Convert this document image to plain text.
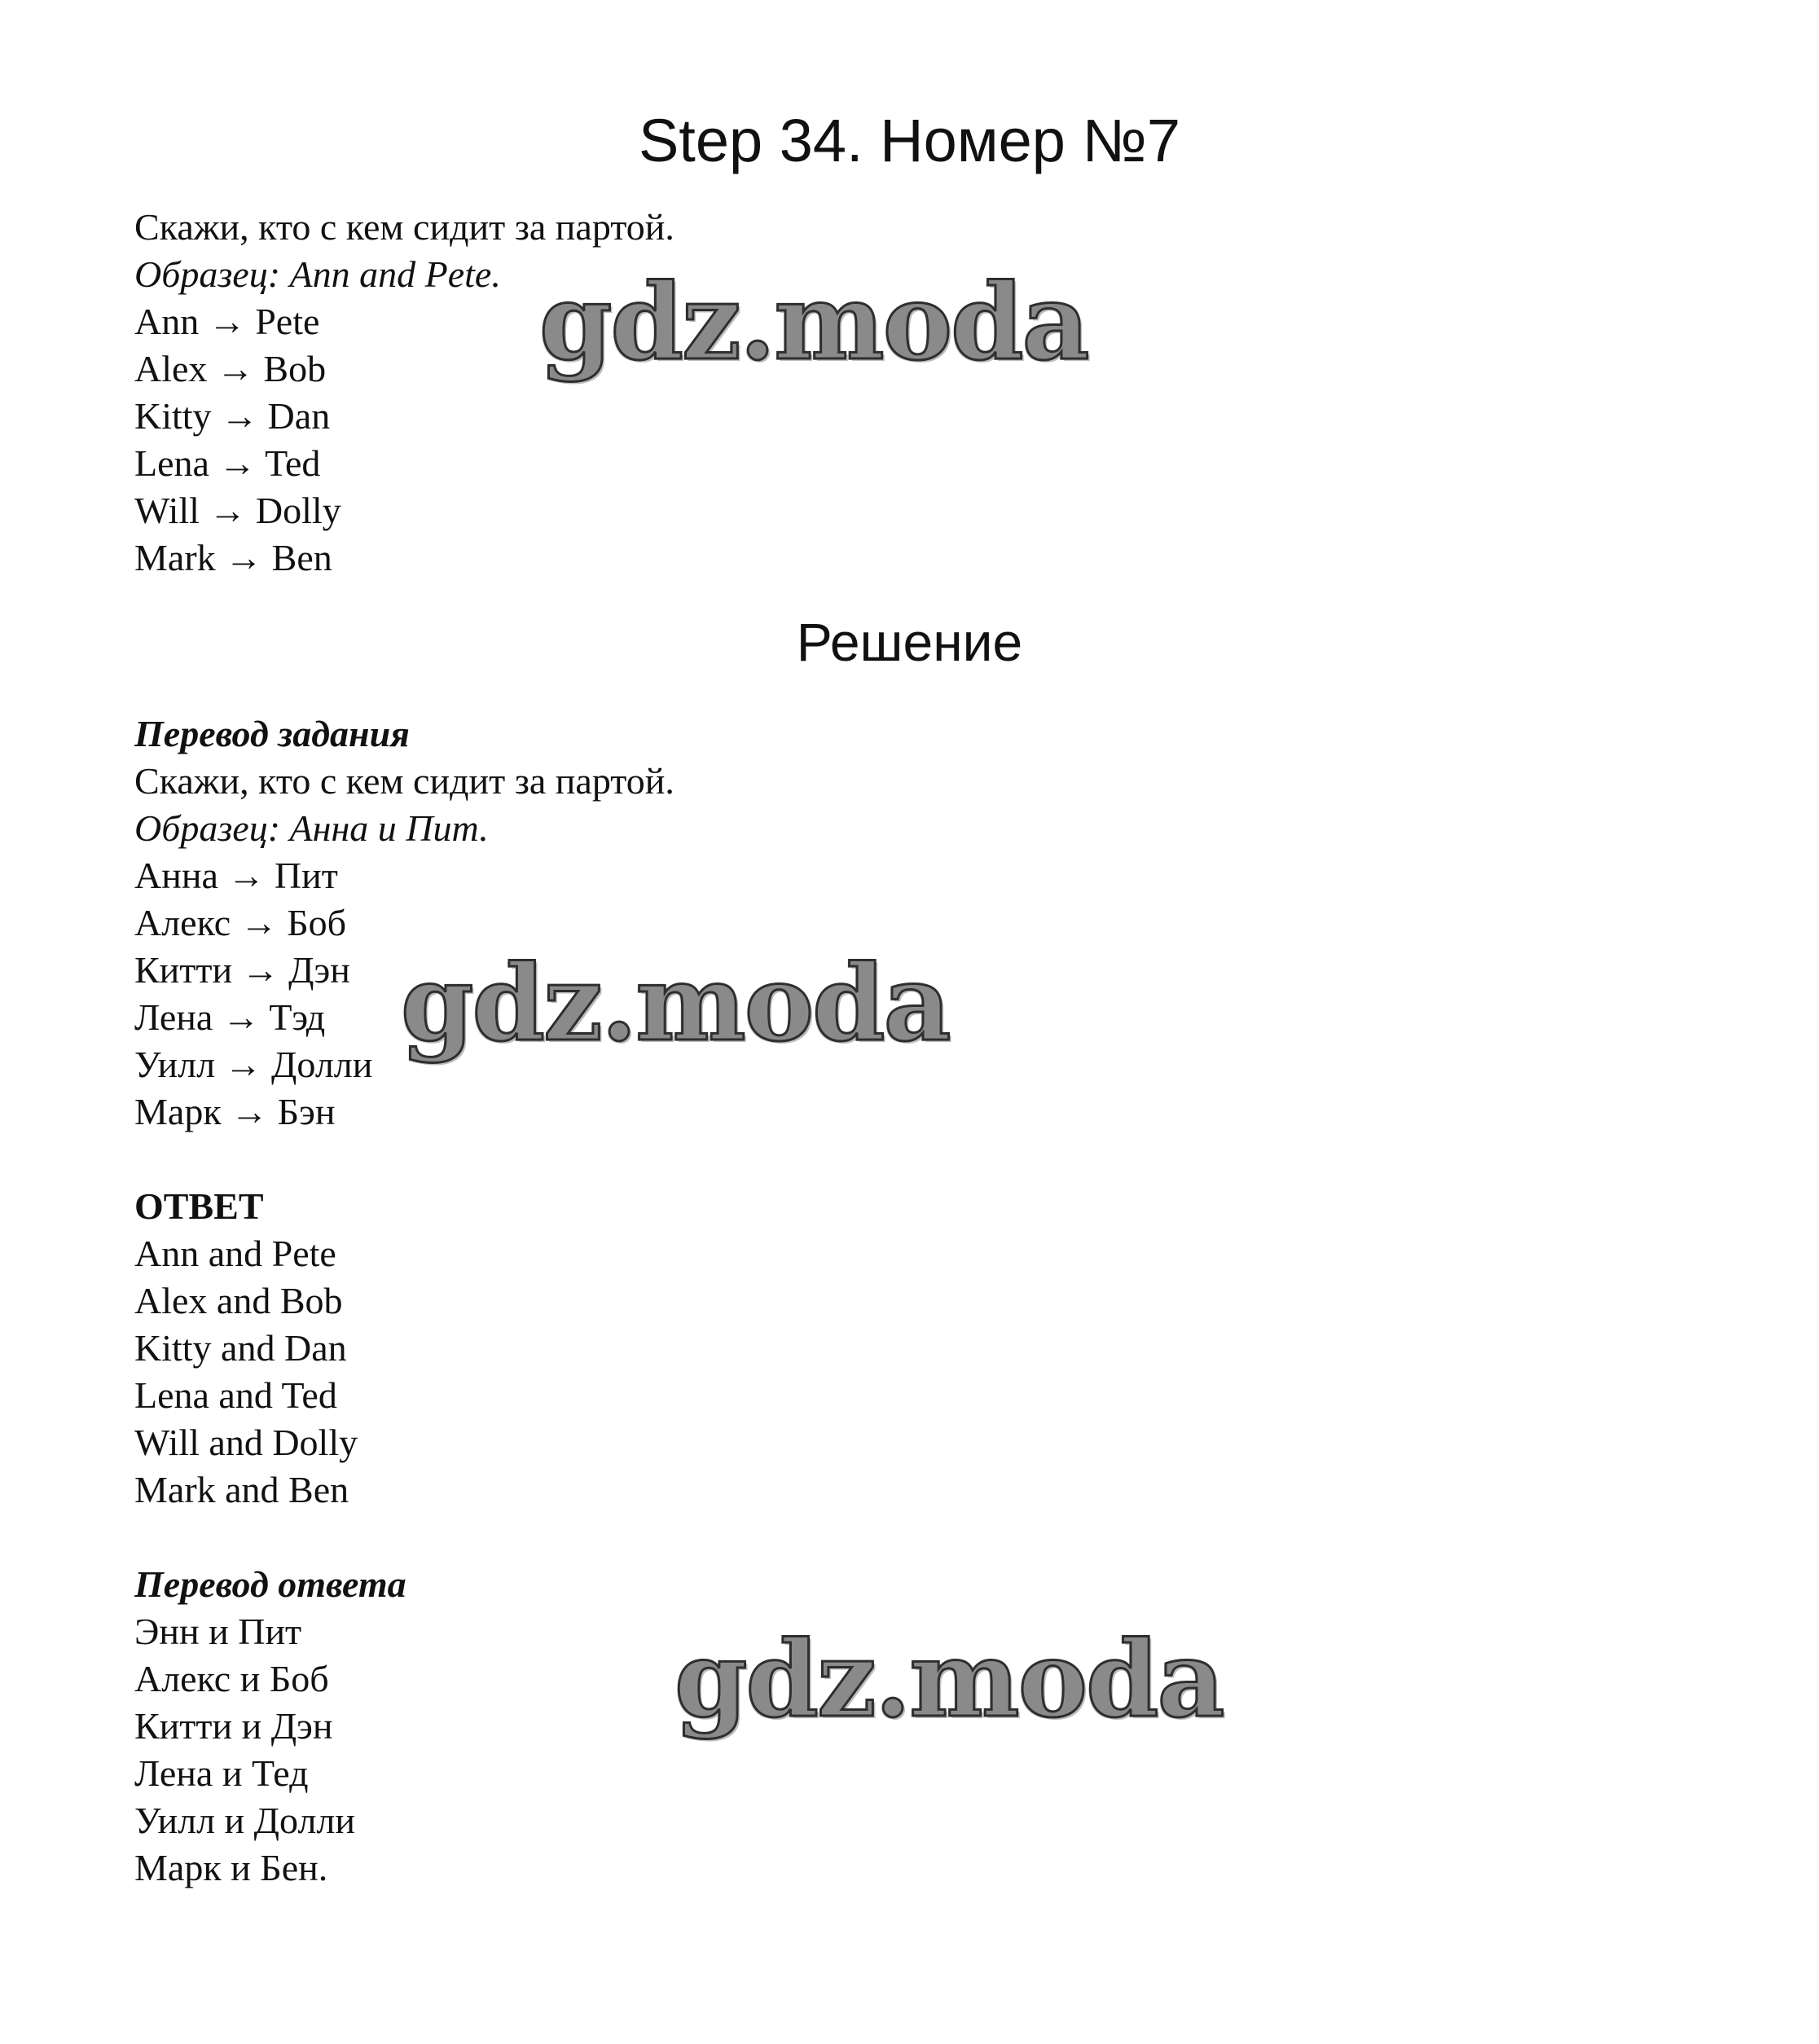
Step 34. Номер №7
Скажи, кто с кем сидит за партой.
Образец: Ann and Pete.
Ann → Pete
Alex → Bob
Kitty → Dan
Lena → Ted
Will → Dolly
Mark → Ben
Решение
Перевод задания
Скажи, кто с кем сидит за партой.
Образец: Анна и Пит.
Анна → Пит
Алекс → Боб
Китти → Дэн
Лена → Тэд
Уилл → Долли
Марк → Бэн
ОТВЕТ
Ann and Pete
Alex and Bob
Kitty and Dan
Lena and Ted
Will and Dolly
Mark and Ben
Перевод ответа
Энн и Пит
Алекс и Боб
Китти и Дэн
Лена и Тед
Уилл и Долли
Марк и Бен.
gdz.moda
gdz.moda
gdz.moda
